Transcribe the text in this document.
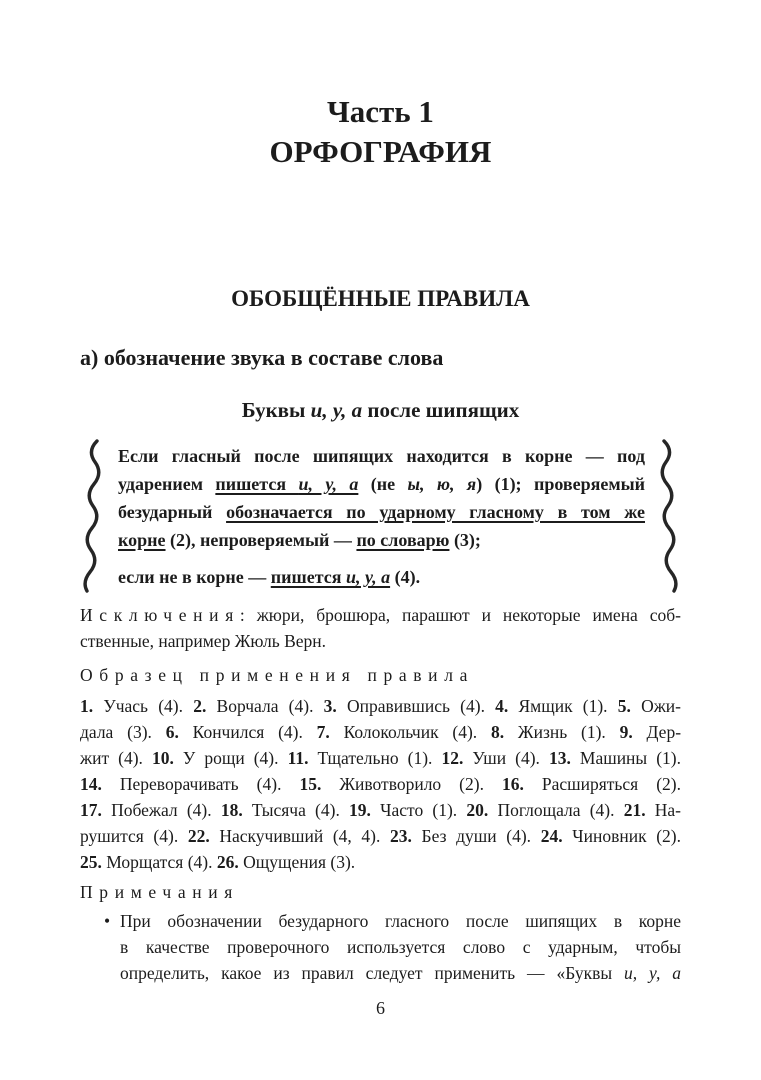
Часть 1
ОРФОГРАФИЯ
ОБОБЩЁННЫЕ ПРАВИЛА
а) обозначение звука в составе слова
Буквы и, у, а после шипящих
Если гласный после шипящих находится в корне — под
ударением пишется и, у, а (не ы, ю, я) (1); проверяемый
безударный обозначается по ударному гласному в том же
корне (2), непроверяемый — по словарю (3);
если не в корне — пишется и, у, а (4).
Исключения: жюри, брошюра, парашют и некоторые имена соб-
ственные, например Жюль Верн.
Образец применения правила
1. Учась (4). 2. Ворчала (4). 3. Оправившись (4). 4. Ямщик (1). 5. Ожи-
дала (3). 6. Кончился (4). 7. Колокольчик (4). 8. Жизнь (1). 9. Дер-
жит (4). 10. У рощи (4). 11. Тщательно (1). 12. Уши (4). 13. Машины (1).
14. Переворачивать (4). 15. Животворило (2). 16. Расширяться (2).
17. Побежал (4). 18. Тысяча (4). 19. Часто (1). 20. Поглощала (4). 21. На-
рушится (4). 22. Наскучивший (4, 4). 23. Без души (4). 24. Чиновник (2).
25. Морщатся (4). 26. Ощущения (3).
Примечания
• При обозначении безударного гласного после шипящих в корне
в качестве проверочного используется слово с ударным, чтобы
определить, какое из правил следует применить — «Буквы и, у, а
6
